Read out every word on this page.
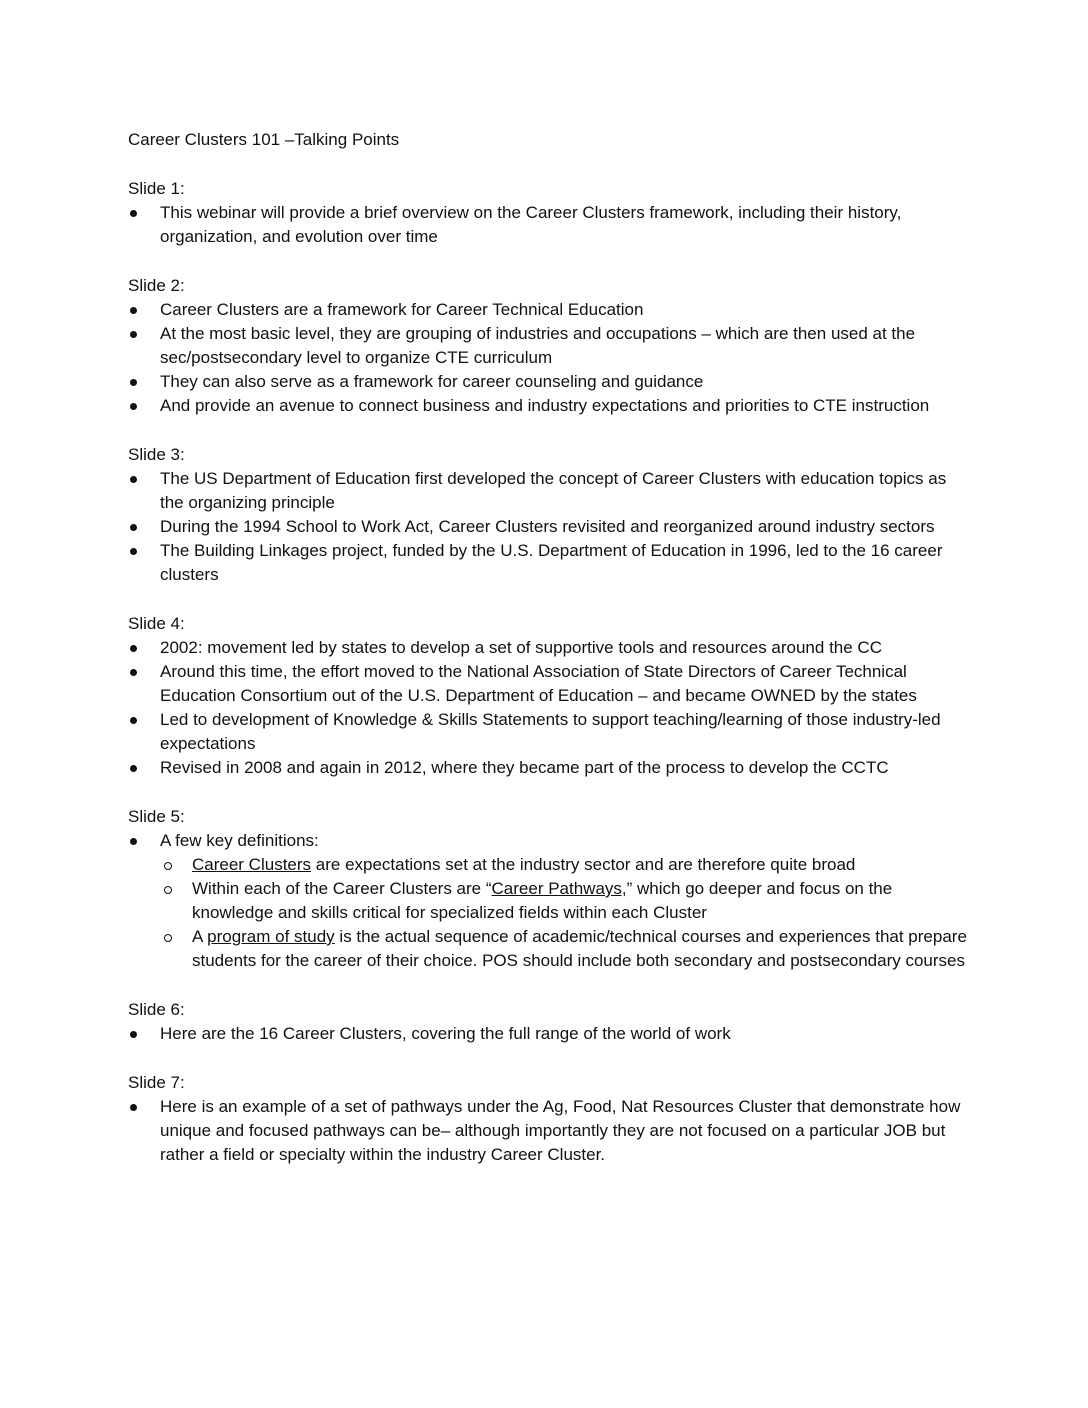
Career Clusters 101 –Talking Points

Slide 1:

This webinar will provide a brief overview on the Career Clusters framework, including their history, organization, and evolution over time

Slide 2:

Career Clusters are a framework for Career Technical Education
At the most basic level, they are grouping of industries and occupations – which are then used at the sec/postsecondary level to organize CTE curriculum
They can also serve as a framework for career counseling and guidance
And provide an avenue to connect business and industry expectations and priorities to CTE instruction

Slide 3:

The US Department of Education first developed the concept of Career Clusters with education topics as the organizing principle
During the 1994 School to Work Act, Career Clusters revisited and reorganized around industry sectors
The Building Linkages project, funded by the U.S. Department of Education in 1996, led to the 16 career clusters

Slide 4:

2002: movement led by states to develop a set of supportive tools and resources around the CC
Around this time, the effort moved to the National Association of State Directors of Career Technical Education Consortium out of the U.S. Department of Education – and became OWNED by the states
Led to development of Knowledge & Skills Statements to support teaching/learning of those industry-led expectations
Revised in 2008 and again in 2012, where they became part of the process to develop the CCTC

Slide 5:

A few key definitions:
Career Clusters are expectations set at the industry sector and are therefore quite broad
Within each of the Career Clusters are “Career Pathways,” which go deeper and focus on the knowledge and skills critical for specialized fields within each Cluster
A program of study is the actual sequence of academic/technical courses and experiences that prepare students for the career of their choice. POS should include both secondary and postsecondary courses

Slide 6:

Here are the 16 Career Clusters, covering the full range of the world of work

Slide 7:

Here is an example of a set of pathways under the Ag, Food, Nat Resources Cluster that demonstrate how unique and focused pathways can be– although importantly they are not focused on a particular JOB but rather a field or specialty within the industry Career Cluster.
